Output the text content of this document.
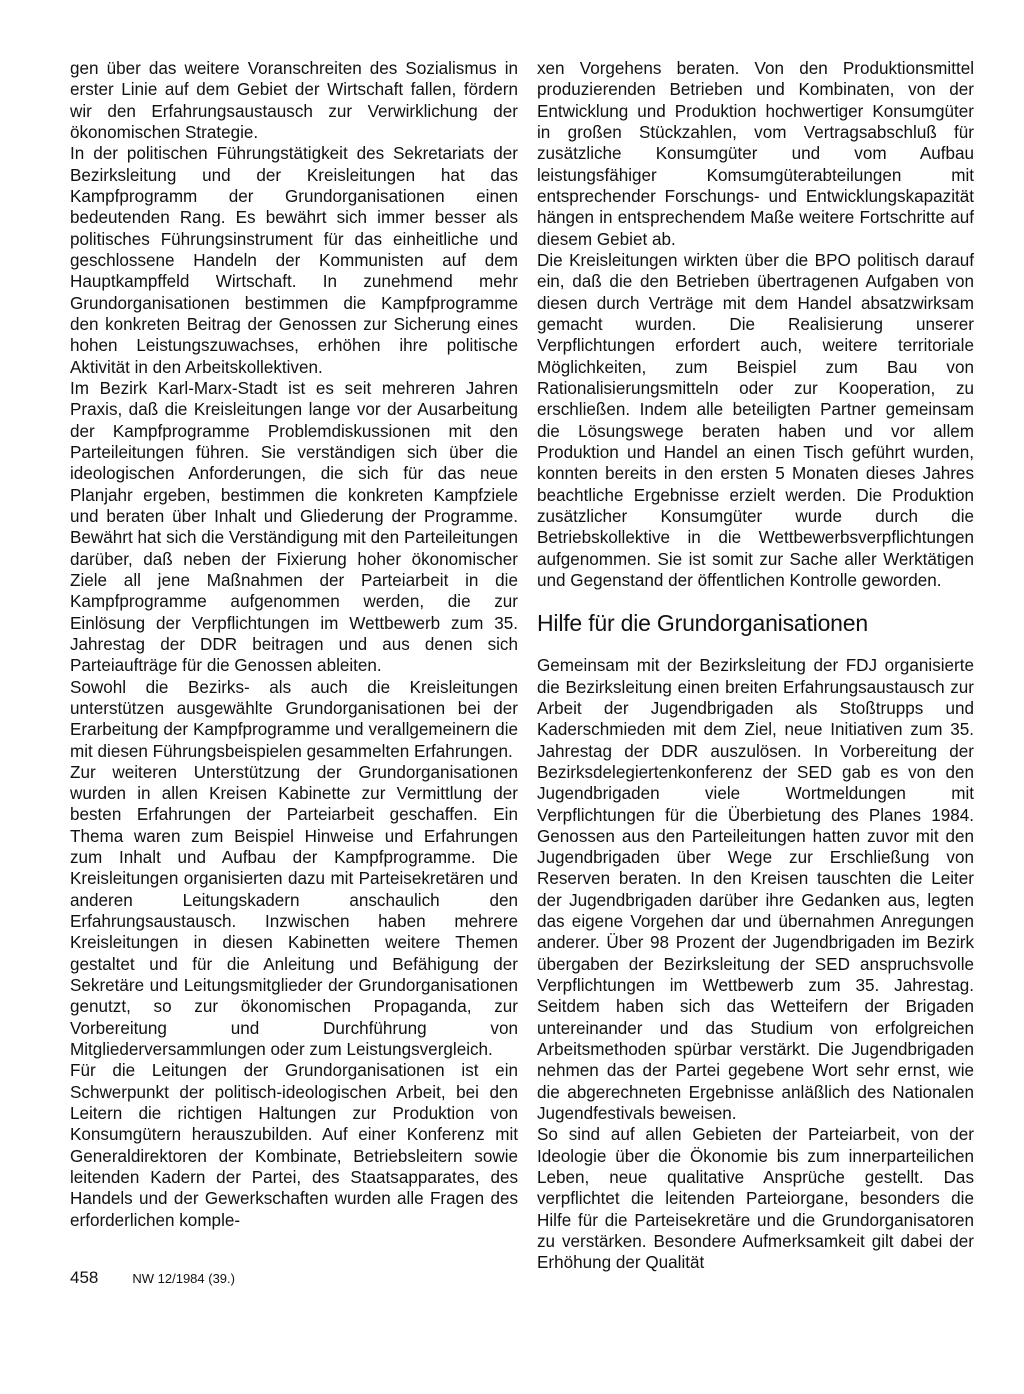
gen über das weitere Voranschreiten des Sozialismus in erster Linie auf dem Gebiet der Wirtschaft fallen, fördern wir den Erfahrungsaustausch zur Verwirklichung der ökonomischen Strategie.

In der politischen Führungstätigkeit des Sekretariats der Bezirksleitung und der Kreisleitungen hat das Kampfprogramm der Grundorganisationen einen bedeutenden Rang. Es bewährt sich immer besser als politisches Führungsinstrument für das einheitliche und geschlossene Handeln der Kommunisten auf dem Hauptkampffeld Wirtschaft. In zunehmend mehr Grundorganisationen bestimmen die Kampfprogramme den konkreten Beitrag der Genossen zur Sicherung eines hohen Leistungszuwachses, erhöhen ihre politische Aktivität in den Arbeitskollektiven.

Im Bezirk Karl-Marx-Stadt ist es seit mehreren Jahren Praxis, daß die Kreisleitungen lange vor der Ausarbeitung der Kampfprogramme Problemdiskussionen mit den Parteileitungen führen. Sie verständigen sich über die ideologischen Anforderungen, die sich für das neue Planjahr ergeben, bestimmen die konkreten Kampfziele und beraten über Inhalt und Gliederung der Programme. Bewährt hat sich die Verständigung mit den Parteileitungen darüber, daß neben der Fixierung hoher ökonomischer Ziele all jene Maßnahmen der Parteiarbeit in die Kampfprogramme aufgenommen werden, die zur Einlösung der Verpflichtungen im Wettbewerb zum 35. Jahrestag der DDR beitragen und aus denen sich Parteiaufträge für die Genossen ableiten.

Sowohl die Bezirks- als auch die Kreisleitungen unterstützen ausgewählte Grundorganisationen bei der Erarbeitung der Kampfprogramme und verallgemeinern die mit diesen Führungsbeispielen gesammelten Erfahrungen.

Zur weiteren Unterstützung der Grundorganisationen wurden in allen Kreisen Kabinette zur Vermittlung der besten Erfahrungen der Parteiarbeit geschaffen. Ein Thema waren zum Beispiel Hinweise und Erfahrungen zum Inhalt und Aufbau der Kampfprogramme. Die Kreisleitungen organisierten dazu mit Parteisekretären und anderen Leitungskadern anschaulich den Erfahrungsaustausch. Inzwischen haben mehrere Kreisleitungen in diesen Kabinetten weitere Themen gestaltet und für die Anleitung und Befähigung der Sekretäre und Leitungsmitglieder der Grundorganisationen genutzt, so zur ökonomischen Propaganda, zur Vorbereitung und Durchführung von Mitgliederversammlungen oder zum Leistungsvergleich.

Für die Leitungen der Grundorganisationen ist ein Schwerpunkt der politisch-ideologischen Arbeit, bei den Leitern die richtigen Haltungen zur Produktion von Konsumgütern herauszubilden. Auf einer Konferenz mit Generaldirektoren der Kombinate, Betriebsleitern sowie leitenden Kadern der Partei, des Staatsapparates, des Handels und der Gewerkschaften wurden alle Fragen des erforderlichen komple-

xen Vorgehens beraten. Von den Produktionsmittel produzierenden Betrieben und Kombinaten, von der Entwicklung und Produktion hochwertiger Konsumgüter in großen Stückzahlen, vom Vertragsabschluß für zusätzliche Konsumgüter und vom Aufbau leistungsfähiger Komsumgüterabteilungen mit entsprechender Forschungs- und Entwicklungskapazität hängen in entsprechendem Maße weitere Fortschritte auf diesem Gebiet ab.

Die Kreisleitungen wirkten über die BPO politisch darauf ein, daß die den Betrieben übertragenen Aufgaben von diesen durch Verträge mit dem Handel absatzwirksam gemacht wurden. Die Realisierung unserer Verpflichtungen erfordert auch, weitere territoriale Möglichkeiten, zum Beispiel zum Bau von Rationalisierungsmitteln oder zur Kooperation, zu erschließen. Indem alle beteiligten Partner gemeinsam die Lösungswege beraten haben und vor allem Produktion und Handel an einen Tisch geführt wurden, konnten bereits in den ersten 5 Monaten dieses Jahres beachtliche Ergebnisse erzielt werden. Die Produktion zusätzlicher Konsumgüter wurde durch die Betriebskollektive in die Wettbewerbsverpflichtungen aufgenommen. Sie ist somit zur Sache aller Werktätigen und Gegenstand der öffentlichen Kontrolle geworden.

Hilfe für die Grundorganisationen

Gemeinsam mit der Bezirksleitung der FDJ organisierte die Bezirksleitung einen breiten Erfahrungsaustausch zur Arbeit der Jugendbrigaden als Stoßtrupps und Kaderschmieden mit dem Ziel, neue Initiativen zum 35. Jahrestag der DDR auszulösen. In Vorbereitung der Bezirksdelegiertenkonferenz der SED gab es von den Jugendbrigaden viele Wortmeldungen mit Verpflichtungen für die Überbietung des Planes 1984. Genossen aus den Parteileitungen hatten zuvor mit den Jugendbrigaden über Wege zur Erschließung von Reserven beraten. In den Kreisen tauschten die Leiter der Jugendbrigaden darüber ihre Gedanken aus, legten das eigene Vorgehen dar und übernahmen Anregungen anderer. Über 98 Prozent der Jugendbrigaden im Bezirk übergaben der Bezirksleitung der SED anspruchsvolle Verpflichtungen im Wettbewerb zum 35. Jahrestag. Seitdem haben sich das Wetteifern der Brigaden untereinander und das Studium von erfolgreichen Arbeitsmethoden spürbar verstärkt. Die Jugendbrigaden nehmen das der Partei gegebene Wort sehr ernst, wie die abgerechneten Ergebnisse anläßlich des Nationalen Jugendfestivals beweisen.

So sind auf allen Gebieten der Parteiarbeit, von der Ideologie über die Ökonomie bis zum innerparteilichen Leben, neue qualitative Ansprüche gestellt. Das verpflichtet die leitenden Parteiorgane, besonders die Hilfe für die Parteisekretäre und die Grundorganisatoren zu verstärken. Besondere Aufmerksamkeit gilt dabei der Erhöhung der Qualität

458	NW 12/1984 (39.)
